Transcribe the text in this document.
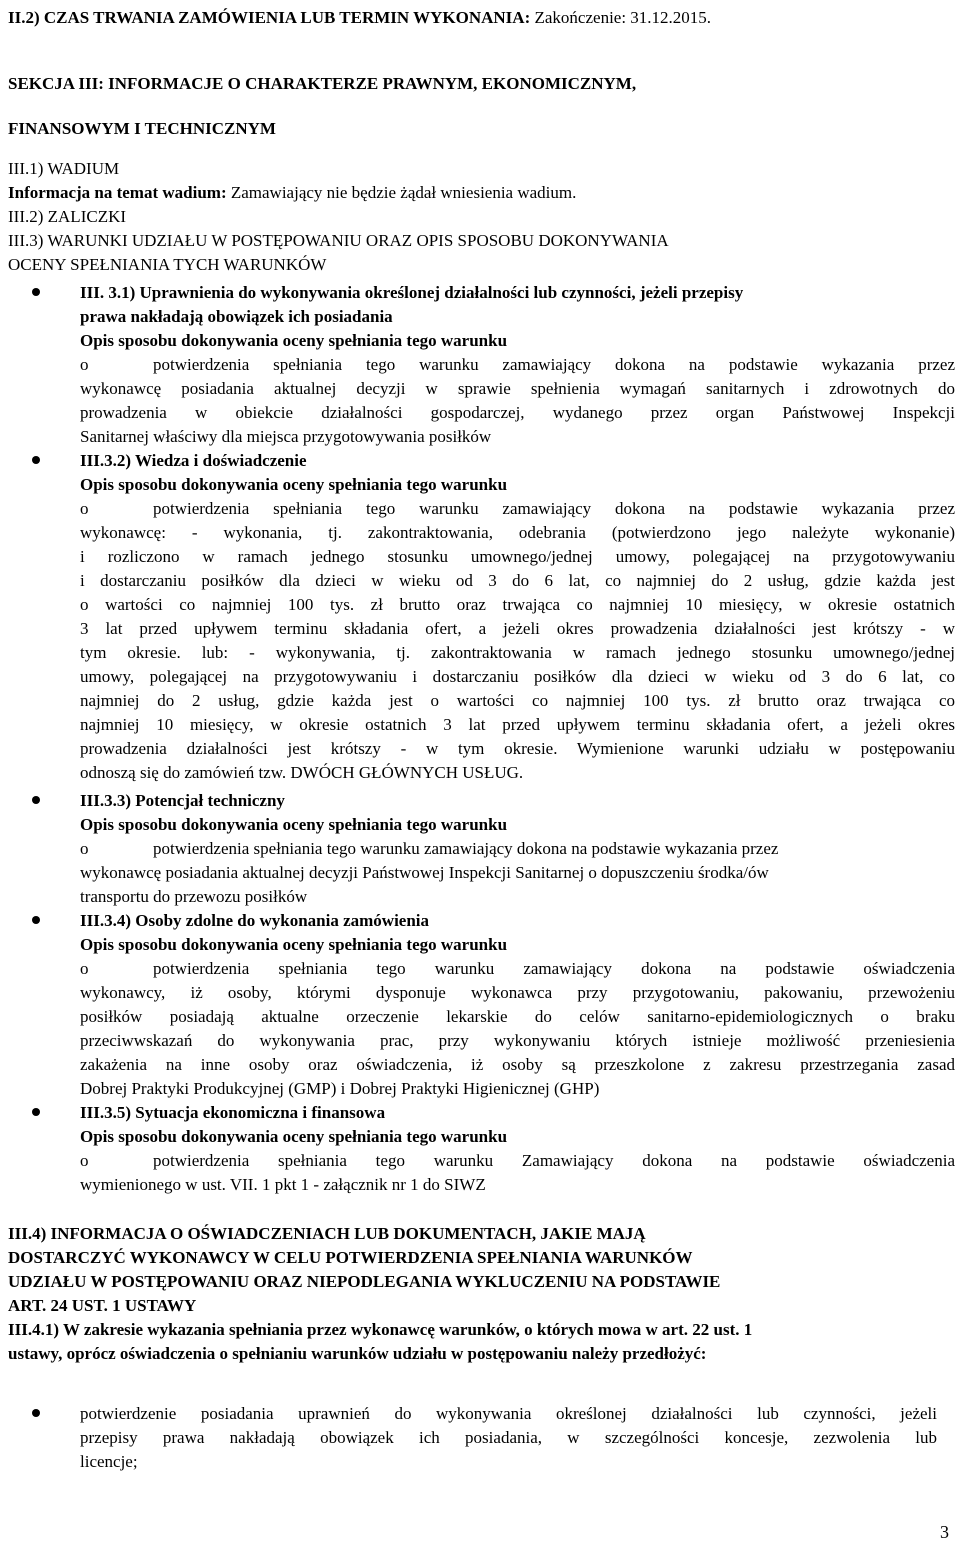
II.2) CZAS TRWANIA ZAMÓWIENIA LUB TERMIN WYKONANIA: Zakończenie: 31.12.2015.
SEKCJA III: INFORMACJE O CHARAKTERZE PRAWNYM, EKONOMICZNYM,
FINANSOWYM I TECHNICZNYM
III.1) WADIUM
Informacja na temat wadium: Zamawiający nie będzie żądał wniesienia wadium.
III.2) ZALICZKI
III.3) WARUNKI UDZIAŁU W POSTĘPOWANIU ORAZ OPIS SPOSOBU DOKONYWANIA
OCENY SPEŁNIANIA TYCH WARUNKÓW
III. 3.1) Uprawnienia do wykonywania określonej działalności lub czynności, jeżeli przepisy
prawa nakładają obowiązek ich posiadania
Opis sposobu dokonywania oceny spełniania tego warunku
o	potwierdzenia spełniania tego warunku zamawiający dokona na podstawie wykazania przez
wykonawcę posiadania aktualnej decyzji w sprawie spełnienia wymagań sanitarnych i zdrowotnych do
prowadzenia w obiekcie działalności gospodarczej, wydanego przez organ Państwowej Inspekcji
Sanitarnej właściwy dla miejsca przygotowywania posiłków
III.3.2) Wiedza i doświadczenie
Opis sposobu dokonywania oceny spełniania tego warunku
o	potwierdzenia spełniania tego warunku zamawiający dokona na podstawie wykazania przez
wykonawcę: - wykonania, tj. zakontraktowania, odebrania (potwierdzono jego należyte wykonanie)
i rozliczono w ramach jednego stosunku umownego/jednej umowy, polegającej na przygotowywaniu
i dostarczaniu posiłków dla dzieci w wieku od 3 do 6 lat, co najmniej do 2 usług, gdzie każda jest
o wartości co najmniej 100 tys. zł brutto oraz trwająca co najmniej 10 miesięcy, w okresie ostatnich
3 lat przed upływem terminu składania ofert, a jeżeli okres prowadzenia działalności jest krótszy - w
tym okresie. lub: - wykonywania, tj. zakontraktowania w ramach jednego stosunku umownego/jednej
umowy, polegającej na przygotowywaniu i dostarczaniu posiłków dla dzieci w wieku od 3 do 6 lat, co
najmniej do 2 usług, gdzie każda jest o wartości co najmniej 100 tys. zł brutto oraz trwająca co
najmniej 10 miesięcy, w okresie ostatnich 3 lat przed upływem terminu składania ofert, a jeżeli okres
prowadzenia działalności jest krótszy - w tym okresie. Wymienione warunki udziału w postępowaniu
odnoszą się do zamówień tzw. DWÓCH GŁÓWNYCH USŁUG.
III.3.3) Potencjał techniczny
Opis sposobu dokonywania oceny spełniania tego warunku
o	potwierdzenia spełniania tego warunku zamawiający dokona na podstawie wykazania przez
wykonawcę posiadania aktualnej decyzji Państwowej Inspekcji Sanitarnej o dopuszczeniu środka/ów
transportu do przewozu posiłków
III.3.4) Osoby zdolne do wykonania zamówienia
Opis sposobu dokonywania oceny spełniania tego warunku
o	potwierdzenia spełniania tego warunku zamawiający dokona na podstawie oświadczenia
wykonawcy, iż osoby, którymi dysponuje wykonawca przy przygotowaniu, pakowaniu, przewożeniu
posiłków posiadają aktualne orzeczenie lekarskie do celów sanitarno-epidemiologicznych o braku
przeciwwskazań do wykonywania prac, przy wykonywaniu których istnieje możliwość przeniesienia
zakażenia na inne osoby oraz oświadczenia, iż osoby są przeszkolone z zakresu przestrzegania zasad
Dobrej Praktyki Produkcyjnej (GMP) i Dobrej Praktyki Higienicznej (GHP)
III.3.5) Sytuacja ekonomiczna i finansowa
Opis sposobu dokonywania oceny spełniania tego warunku
o	potwierdzenia spełniania tego warunku Zamawiający dokona na podstawie oświadczenia
wymienionego w ust. VII. 1 pkt 1 - załącznik nr 1 do SIWZ
III.4) INFORMACJA O OŚWIADCZENIACH LUB DOKUMENTACH, JAKIE MAJĄ
DOSTARCZYĆ WYKONAWCY W CELU POTWIERDZENIA SPEŁNIANIA WARUNKÓW
UDZIAŁU W POSTĘPOWANIU ORAZ NIEPODLEGANIA WYKLUCZENIU NA PODSTAWIE
ART. 24 UST. 1 USTAWY
III.4.1) W zakresie wykazania spełniania przez wykonawcę warunków, o których mowa w art. 22 ust. 1
ustawy, oprócz oświadczenia o spełnianiu warunków udziału w postępowaniu należy przedłożyć:
potwierdzenie posiadania uprawnień do wykonywania określonej działalności lub czynności, jeżeli
przepisy prawa nakładają obowiązek ich posiadania, w szczególności koncesje, zezwolenia lub
licencje;
3
